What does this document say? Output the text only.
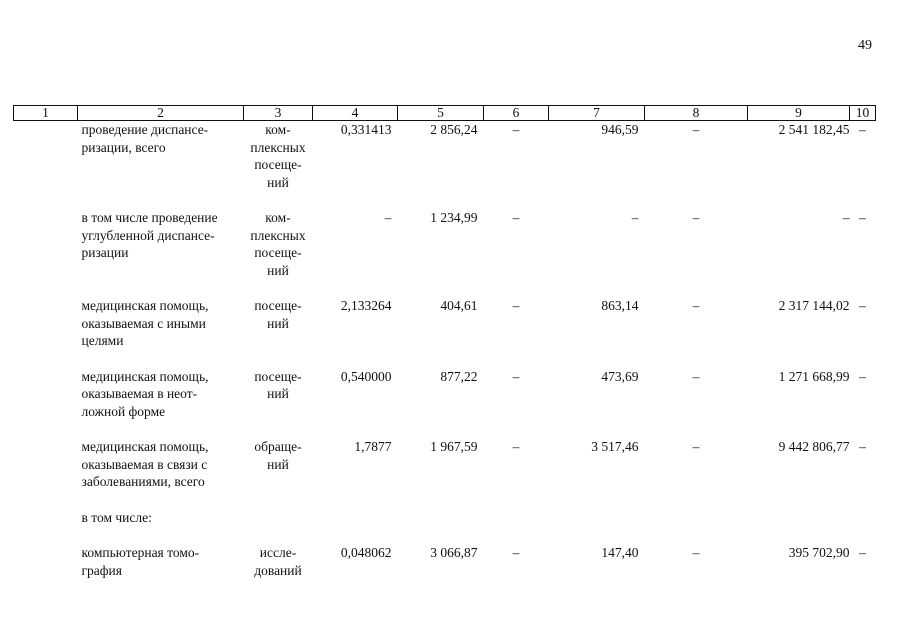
49
1	2	3	4	5	6	7	8	9	10
	проведение диспансе-
ризации, всего	ком-
плексных
посеще-
ний	0,331413	2 856,24	–	946,59	–	2 541 182,45	–

	в том числе проведение
углубленной диспансе-
ризации	ком-
плексных
посеще-
ний	–	1 234,99	–	–	–	–	–

	медицинская помощь,
оказываемая с иными
целями	посеще-
ний	2,133264	404,61	–	863,14	–	2 317 144,02	–

	медицинская помощь,
оказываемая в неот-
ложной форме	посеще-
ний	0,540000	877,22	–	473,69	–	1 271 668,99	–

	медицинская помощь,
оказываемая в связи с
заболеваниями, всего	обраще-
ний	1,7877	1 967,59	–	3 517,46	–	9 442 806,77	–

	в том числе:								

	компьютерная томо-
графия	иссле-
дований	0,048062	3 066,87	–	147,40	–	395 702,90	–
